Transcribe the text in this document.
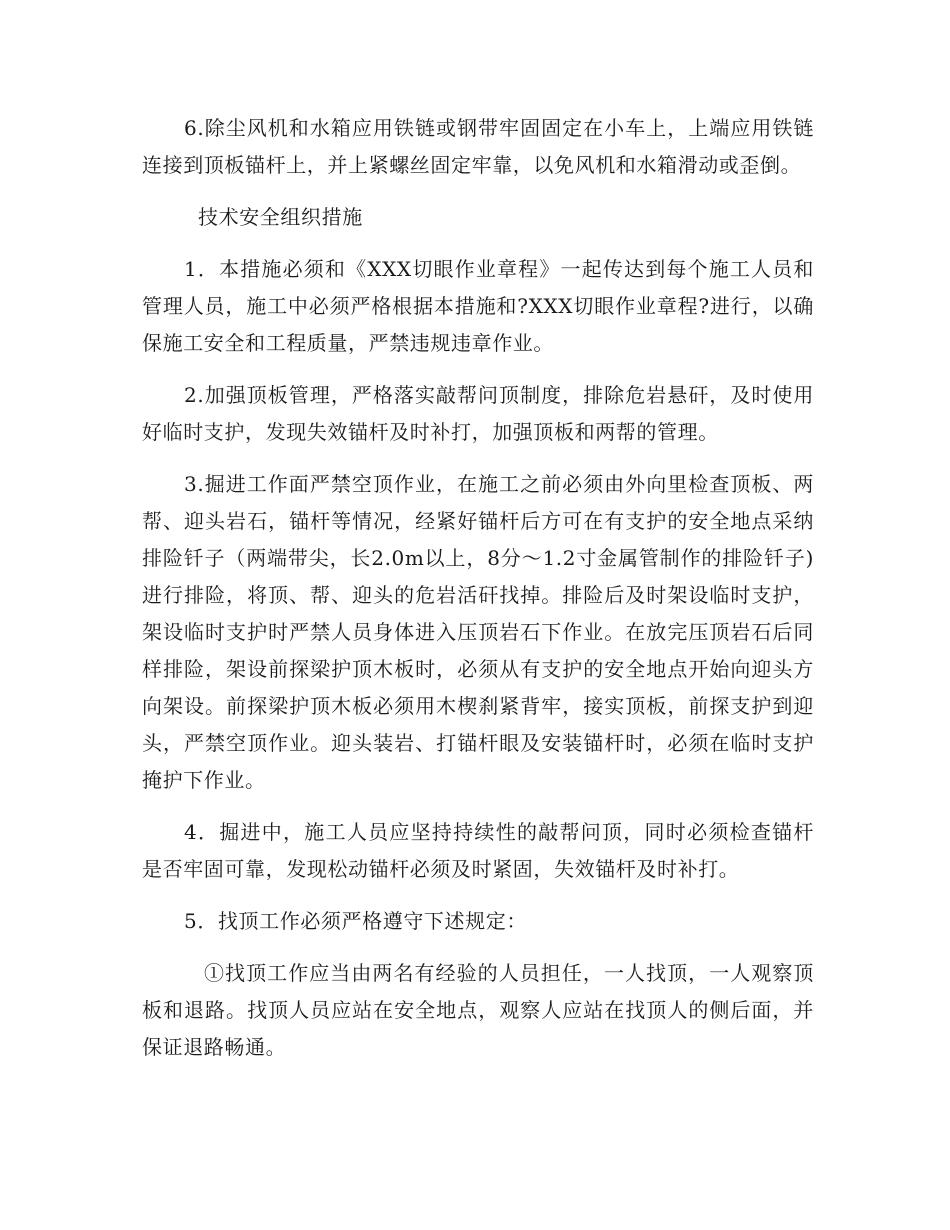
6.除尘风机和水箱应用铁链或钢带牢固固定在小车上，上端应用铁链连接到顶板锚杆上，并上紧螺丝固定牢靠，以免风机和水箱滑动或歪倒。

技术安全组织措施

1．本措施必须和《XXX切眼作业章程》一起传达到每个施工人员和管理人员，施工中必须严格根据本措施和?XXX切眼作业章程?进行，以确保施工安全和工程质量，严禁违规违章作业。

2.加强顶板管理，严格落实敲帮问顶制度，排除危岩悬矸，及时使用好临时支护，发现失效锚杆及时补打，加强顶板和两帮的管理。

3.掘进工作面严禁空顶作业，在施工之前必须由外向里检查顶板、两帮、迎头岩石，锚杆等情况，经紧好锚杆后方可在有支护的安全地点采纳排险钎子（两端带尖，长2.0m以上，8分～1.2寸金属管制作的排险钎子)进行排险，将顶、帮、迎头的危岩活矸找掉。排险后及时架设临时支护，架设临时支护时严禁人员身体进入压顶岩石下作业。在放完压顶岩石后同样排险，架设前探梁护顶木板时，必须从有支护的安全地点开始向迎头方向架设。前探梁护顶木板必须用木楔刹紧背牢，接实顶板，前探支护到迎头，严禁空顶作业。迎头装岩、打锚杆眼及安装锚杆时，必须在临时支护掩护下作业。

4．掘进中，施工人员应坚持持续性的敲帮问顶，同时必须检查锚杆是否牢固可靠，发现松动锚杆必须及时紧固，失效锚杆及时补打。

5．找顶工作必须严格遵守下述规定：

①找顶工作应当由两名有经验的人员担任，一人找顶，一人观察顶板和退路。找顶人员应站在安全地点，观察人应站在找顶人的侧后面，并保证退路畅通。
